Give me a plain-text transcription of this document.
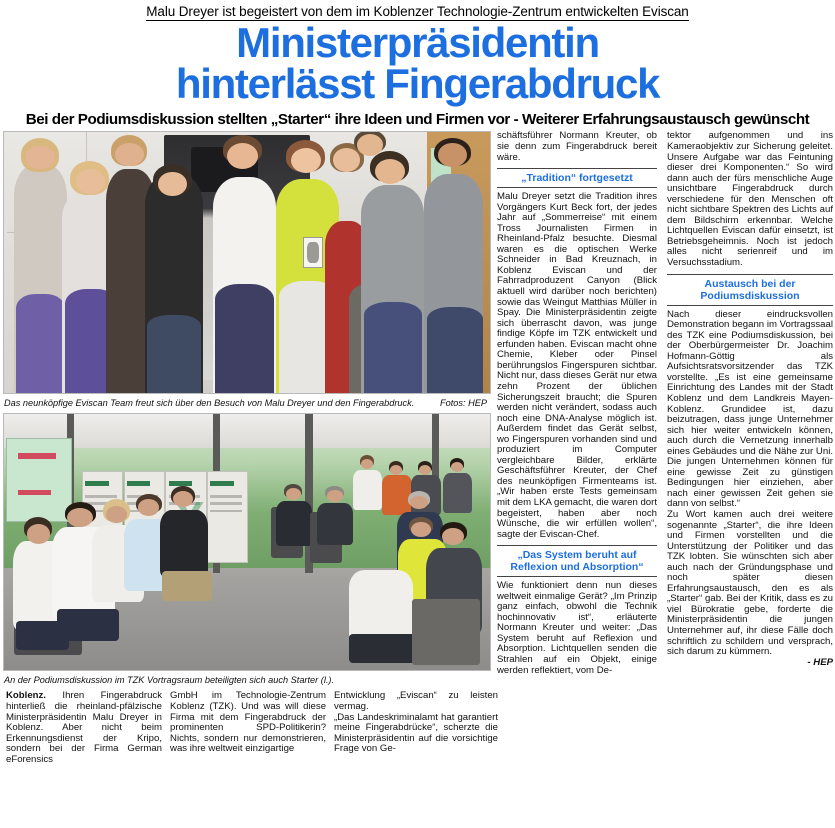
Malu Dreyer ist begeistert von dem im Koblenzer Technologie-Zentrum entwickelten Eviscan
Ministerpräsidentin
hinterlässt Fingerabdruck
Bei der Podiumsdiskussion stellten „Starter“ ihre Ideen und Firmen vor - Weiterer Erfahrungsaustausch gewünscht
Das neunköpfige Eviscan Team freut sich über den Besuch von Malu Dreyer und den Fingerabdruck.	Fotos: HEP
An der Podiumsdiskussion im TZK Vortragsraum beteiligten sich auch Starter (l.).

Koblenz. Ihren Fingerabdruck hinterließ die rheinland-pfälzische Ministerpräsidentin Malu Dreyer in Koblenz. Aber nicht beim Erkennungsdienst der Kripo, sondern bei der Firma German eForensics

GmbH im Technologie-Zentrum Koblenz (TZK). Und was will diese Firma mit dem Fingerabdruck der prominenten SPD-Politikerin? Nichts, sondern nur demonstrieren, was ihre weltweit einzigartige

Entwicklung „Eviscan“ zu leisten vermag.

„Das Landeskriminalamt hat garantiert meine Fingerabdrücke“, scherzte die Ministerpräsidentin auf die vorsichtige Frage von Ge-

schäftsführer Normann Kreuter, ob sie denn zum Fingerabdruck bereit wäre.

„Tradition“ fortgesetzt

Malu Dreyer setzt die Tradition ihres Vorgängers Kurt Beck fort, der jedes Jahr auf „Sommerreise“ mit einem Tross Journalisten Firmen in Rheinland-Pfalz besuchte. Diesmal waren es die optischen Werke Schneider in Bad Kreuznach, in Koblenz Eviscan und der Fahrradproduzent Canyon (Blick aktuell wird darüber noch berichten) sowie das Weingut Matthias Müller in Spay. Die Ministerpräsidentin zeigte sich überrascht davon, was junge findige Köpfe im TZK entwickelt und erfunden haben. Eviscan macht ohne Chemie, Kleber oder Pinsel berührungslos Fingerspuren sichtbar. Nicht nur, dass dieses Gerät nur etwa zehn Prozent der üblichen Sicherungszeit braucht; die Spuren werden nicht verändert, sodass auch noch eine DNA-Analyse möglich ist. Außerdem findet das Gerät selbst, wo Fingerspuren vorhanden sind und produziert im Computer vergleichbare Bilder, erklärte Geschäftsführer Kreuter, der Chef des neunköpfigen Firmenteams ist. „Wir haben erste Tests gemeinsam mit dem LKA gemacht, die waren dort begeistert, haben aber noch Wünsche, die wir erfüllen wollen“, sagte der Eviscan-Chef.

„Das System beruht auf
Reflexion und Absorption“

Wie funktioniert denn nun dieses weltweit einmalige Gerät? „Im Prinzip ganz einfach, obwohl die Technik hochinnovativ ist“, erläuterte Normann Kreuter und weiter: „Das System beruht auf Reflexion und Absorption. Lichtquellen senden die Strahlen auf ein Objekt, einige werden reflektiert, vom De-

tektor aufgenommen und ins Kameraobjektiv zur Sicherung geleitet. Unsere Aufgabe war das Feintuning dieser drei Komponenten.“ So wird dann auch der fürs menschliche Auge unsichtbare Fingerabdruck durch verschiedene für den Menschen oft nicht sichtbare Spektren des Lichts auf dem Bildschirm erkennbar. Welche Lichtquellen Eviscan dafür einsetzt, ist Betriebsgeheimnis. Noch ist jedoch alles nicht serienreif und im Versuchsstadium.

Austausch bei der
Podiumsdiskussion

Nach dieser eindrucksvollen Demonstration begann im Vortragssaal des TZK eine Podiumsdiskussion, bei der Oberbürgermeister Dr. Joachim Hofmann-Göttig als Aufsichtsratsvorsitzender das TZK vorstellte. „Es ist eine gemeinsame Einrichtung des Landes mit der Stadt Koblenz und dem Landkreis Mayen-Koblenz. Grundidee ist, dazu beizutragen, dass junge Unternehmer sich hier weiter entwickeln können, auch durch die Vernetzung innerhalb eines Gebäudes und die Nähe zur Uni. Die jungen Unternehmen können für eine gewisse Zeit zu günstigen Bedingungen hier einziehen, aber nach einer gewissen Zeit gehen sie dann von selbst.“

Zu Wort kamen auch drei weitere sogenannte „Starter“, die ihre Ideen und Firmen vorstellten und die Unterstützung der Politiker und das TZK lobten. Sie wünschten sich aber auch nach der Gründungsphase und noch später diesen Erfahrungsaustausch, den es als „Starter“ gab. Bei der Kritik, dass es zu viel Bürokratie gebe, forderte die Ministerpräsidentin die jungen Unternehmer auf, ihr diese Fälle doch schriftlich zu schildern und versprach, sich darum zu kümmern.

- HEP
